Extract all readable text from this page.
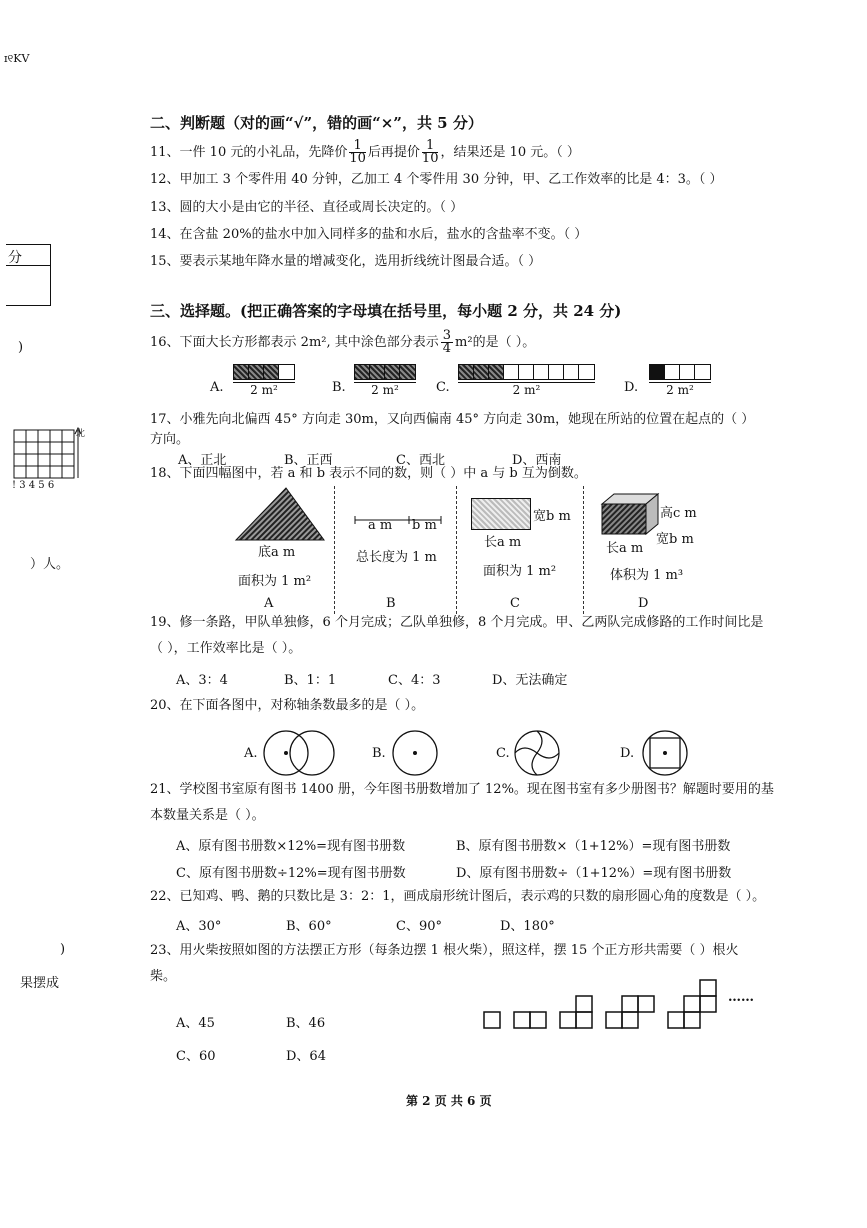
ɪ୧KV
分
)
北
! 3 4 5 6
）人。
)
果摆成
二、判断题（对的画“√”，错的画“×”，共 5 分）
11、一件 10 元的小礼品，先降价 $\frac{1}{10}$ 后再提价 $\frac{1}{10}$ ，结果还是 10 元。（ ）
12、甲加工 3 个零件用 40 分钟，乙加工 4 个零件用 30 分钟，甲、乙工作效率的比是 4：3。（ ）
13、圆的大小是由它的半径、直径或周长决定的。（ ）
14、在含盐 20%的盐水中加入同样多的盐和水后，盐水的含盐率不变。（ ）
15、要表示某地年降水量的增减变化，选用折线统计图最合适。（ ）
三、选择题。(把正确答案的字母填在括号里，每小题 2 分，共 24 分)
16、下面大长方形都表示 2m², 其中涂色部分表示 $\frac{3}{4} m^2$的是（ ）。
A.	2 m²	B.	2 m²	C.	2 m²	D.	2 m²
17、小雅先向北偏西 45° 方向走 30m，又向西偏南 45° 方向走 30m，她现在所站的位置在起点的（ ）
方向。
A、正北	B、正西	C、西北	D、西南
18、下面四幅图中，若 a 和 b 表示不同的数，则（ ）中 a 与 b 互为倒数。
底a m
面积为 1 m²
A
a m b m
总长度为 1 m
B
宽b m
长a m
面积为 1 m²
C
高c m
宽b m
长a m
体积为 1 m³
D
19、修一条路，甲队单独修，6 个月完成；乙队单独修，8 个月完成。甲、乙两队完成修路的工作时间比是
（ ），工作效率比是（ ）。
A、3：4	B、1：1	C、4：3	D、无法确定
20、在下面各图中，对称轴条数最多的是（ ）。
A.	B.	C.	D.
21、学校图书室原有图书 1400 册，今年图书册数增加了 12%。现在图书室有多少册图书？解题时要用的基
本数量关系是（ ）。
A、原有图书册数×12%=现有图书册数	B、原有图书册数×（1+12%）=现有图书册数
C、原有图书册数÷12%=现有图书册数	D、原有图书册数÷（1+12%）=现有图书册数
22、已知鸡、鸭、鹅的只数比是 3：2：1，画成扇形统计图后，表示鸡的只数的扇形圆心角的度数是（ ）。
A、30°	B、60°	C、90°	D、180°
23、用火柴按照如图的方法摆正方形（每条边摆 1 根火柴），照这样，摆 15 个正方形共需要（ ）根火
柴。
A、45	B、46
C、60	D、64
……
第 2 页 共 6 页
